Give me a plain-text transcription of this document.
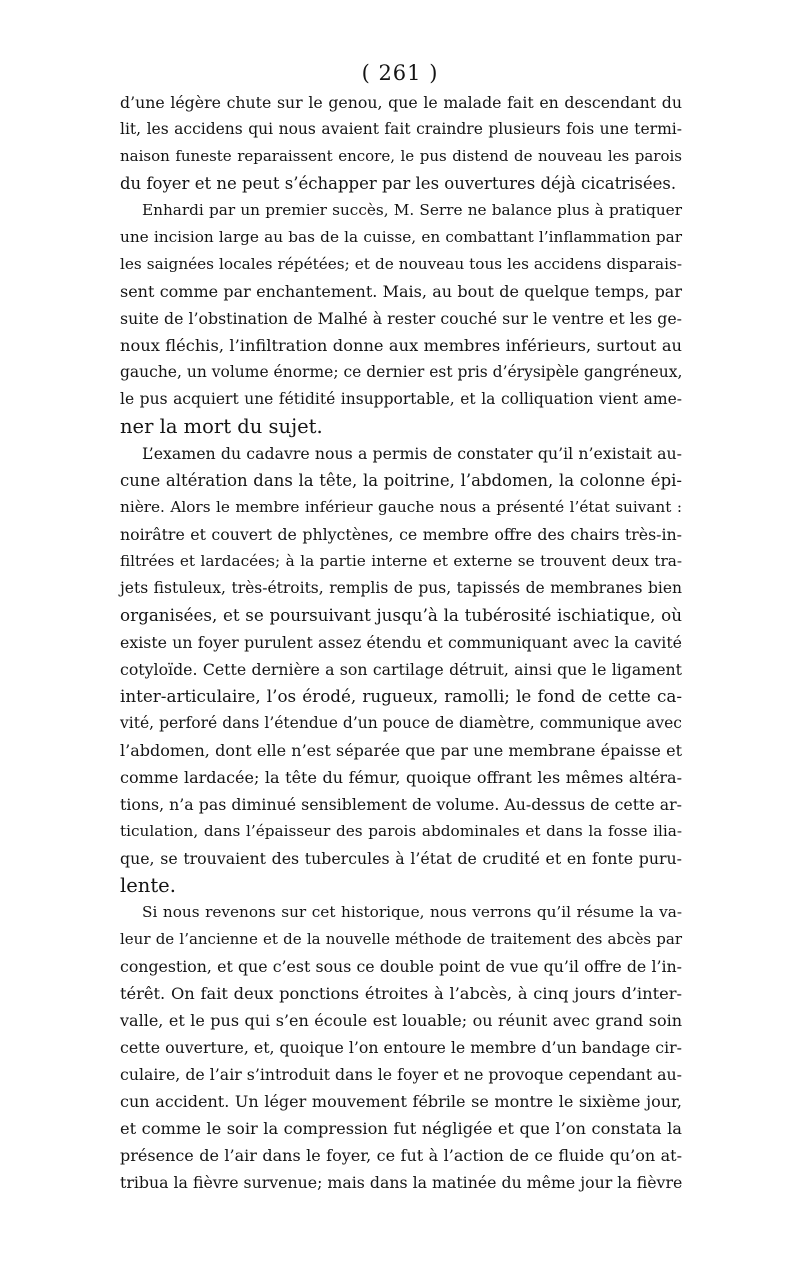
( 261 )
d’une légère chute sur le genou, que le malade fait en descendant du
lit, les accidens qui nous avaient fait craindre plusieurs fois une termi-
naison funeste reparaissent encore, le pus distend de nouveau les parois
du foyer et ne peut s’échapper par les ouvertures déjà cicatrisées.
Enhardi par un premier succès, M. Serre ne balance plus à pratiquer
une incision large au bas de la cuisse, en combattant l’inflammation par
les saignées locales répétées; et de nouveau tous les accidens disparais-
sent comme par enchantement. Mais, au bout de quelque temps, par
suite de l’obstination de Malhé à rester couché sur le ventre et les ge-
noux fléchis, l’infiltration donne aux membres inférieurs, surtout au
gauche, un volume énorme; ce dernier est pris d’érysipèle gangréneux,
le pus acquiert une fétidité insupportable, et la colliquation vient ame-
ner la mort du sujet.
L’examen du cadavre nous a permis de constater qu’il n’existait au-
cune altération dans la tête, la poitrine, l’abdomen, la colonne épi-
nière. Alors le membre inférieur gauche nous a présenté l’état suivant :
noirâtre et couvert de phlyctènes, ce membre offre des chairs très-in-
filtrées et lardacées; à la partie interne et externe se trouvent deux tra-
jets fistuleux, très-étroits, remplis de pus, tapissés de membranes bien
organisées, et se poursuivant jusqu’à la tubérosité ischiatique, où
existe un foyer purulent assez étendu et communiquant avec la cavité
cotyloïde. Cette dernière a son cartilage détruit, ainsi que le ligament
inter-articulaire, l’os érodé, rugueux, ramolli; le fond de cette ca-
vité, perforé dans l’étendue d’un pouce de diamètre, communique avec
l’abdomen, dont elle n’est séparée que par une membrane épaisse et
comme lardacée; la tête du fémur, quoique offrant les mêmes altéra-
tions, n’a pas diminué sensiblement de volume. Au-dessus de cette ar-
ticulation, dans l’épaisseur des parois abdominales et dans la fosse ilia-
que, se trouvaient des tubercules à l’état de crudité et en fonte puru-
lente.
Si nous revenons sur cet historique, nous verrons qu’il résume la va-
leur de l’ancienne et de la nouvelle méthode de traitement des abcès par
congestion, et que c’est sous ce double point de vue qu’il offre de l’in-
térêt. On fait deux ponctions étroites à l’abcès, à cinq jours d’inter-
valle, et le pus qui s’en écoule est louable; ou réunit avec grand soin
cette ouverture, et, quoique l’on entoure le membre d’un bandage cir-
culaire, de l’air s’introduit dans le foyer et ne provoque cependant au-
cun accident. Un léger mouvement fébrile se montre le sixième jour,
et comme le soir la compression fut négligée et que l’on constata la
présence de l’air dans le foyer, ce fut à l’action de ce fluide qu’on at-
tribua la fièvre survenue; mais dans la matinée du même jour la fièvre
